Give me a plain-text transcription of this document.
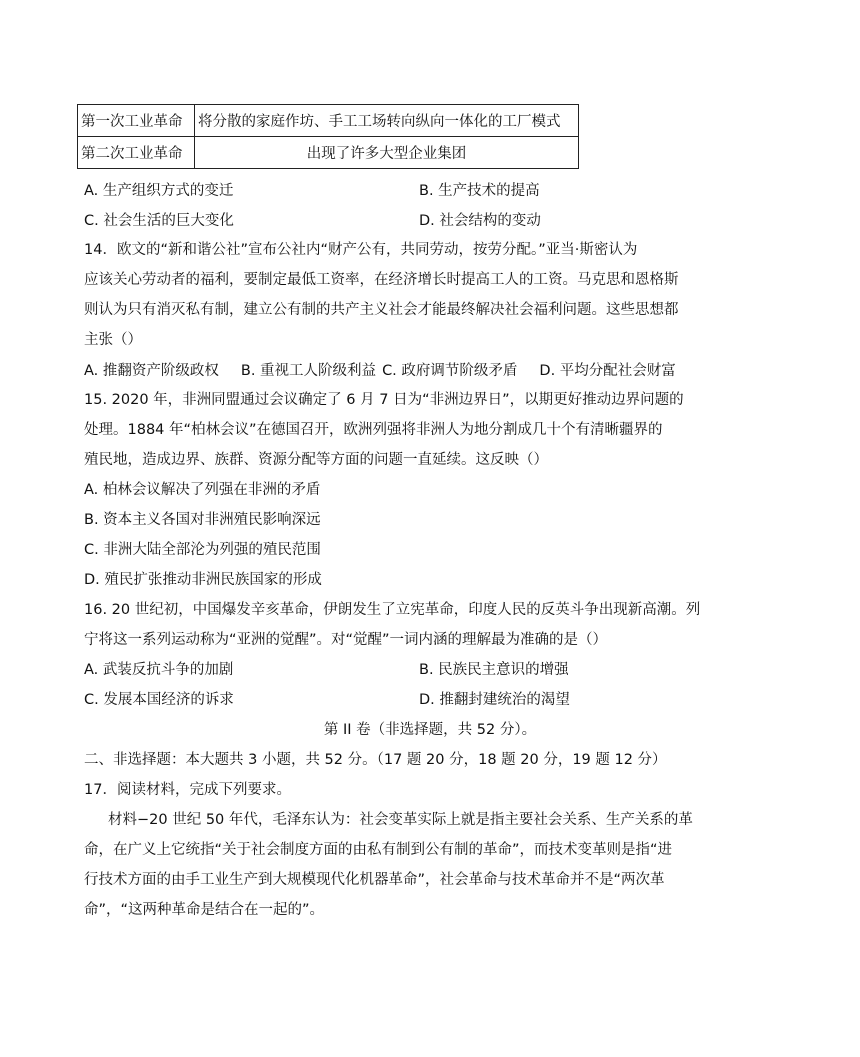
第一次工业革命	将分散的家庭作坊、手工工场转向纵向一体化的工厂模式
第二次工业革命	出现了许多大型企业集团
A. 生产组织方式的变迁	B. 生产技术的提高
C. 社会生活的巨大变化	D. 社会结构的变动
14．欧文的“新和谐公社”宣布公社内“财产公有，共同劳动，按劳分配。”亚当·斯密认为
应该关心劳动者的福利，要制定最低工资率，在经济增长时提高工人的工资。马克思和恩格斯
则认为只有消灭私有制，建立公有制的共产主义社会才能最终解决社会福利问题。这些思想都
主张（）
A. 推翻资产阶级政权 B. 重视工人阶级利益 C. 政府调节阶级矛盾 D. 平均分配社会财富
15. 2020 年，非洲同盟通过会议确定了 6 月 7 日为“非洲边界日”，以期更好推动边界问题的
处理。1884 年“柏林会议”在德国召开，欧洲列强将非洲人为地分割成几十个有清晰疆界的
殖民地，造成边界、族群、资源分配等方面的问题一直延续。这反映（）
A. 柏林会议解决了列强在非洲的矛盾
B. 资本主义各国对非洲殖民影响深远
C. 非洲大陆全部沦为列强的殖民范围
D. 殖民扩张推动非洲民族国家的形成
16. 20 世纪初，中国爆发辛亥革命，伊朗发生了立宪革命，印度人民的反英斗争出现新高潮。列
宁将这一系列运动称为“亚洲的觉醒”。对“觉醒”一词内涵的理解最为准确的是（）
A. 武装反抗斗争的加剧	B. 民族民主意识的增强
C. 发展本国经济的诉求	D. 推翻封建统治的渴望
第 II 卷（非选择题，共 52 分）。
二、非选择题：本大题共 3 小题，共 52 分。（17 题 20 分，18 题 20 分，19 题 12 分）
17．阅读材料，完成下列要求。
材料−20 世纪 50 年代，毛泽东认为：社会变革实际上就是指主要社会关系、生产关系的革
命，在广义上它统指“关于社会制度方面的由私有制到公有制的革命”，而技术变革则是指“进
行技术方面的由手工业生产到大规模现代化机器革命”，社会革命与技术革命并不是“两次革
命”，“这两种革命是结合在一起的”。
